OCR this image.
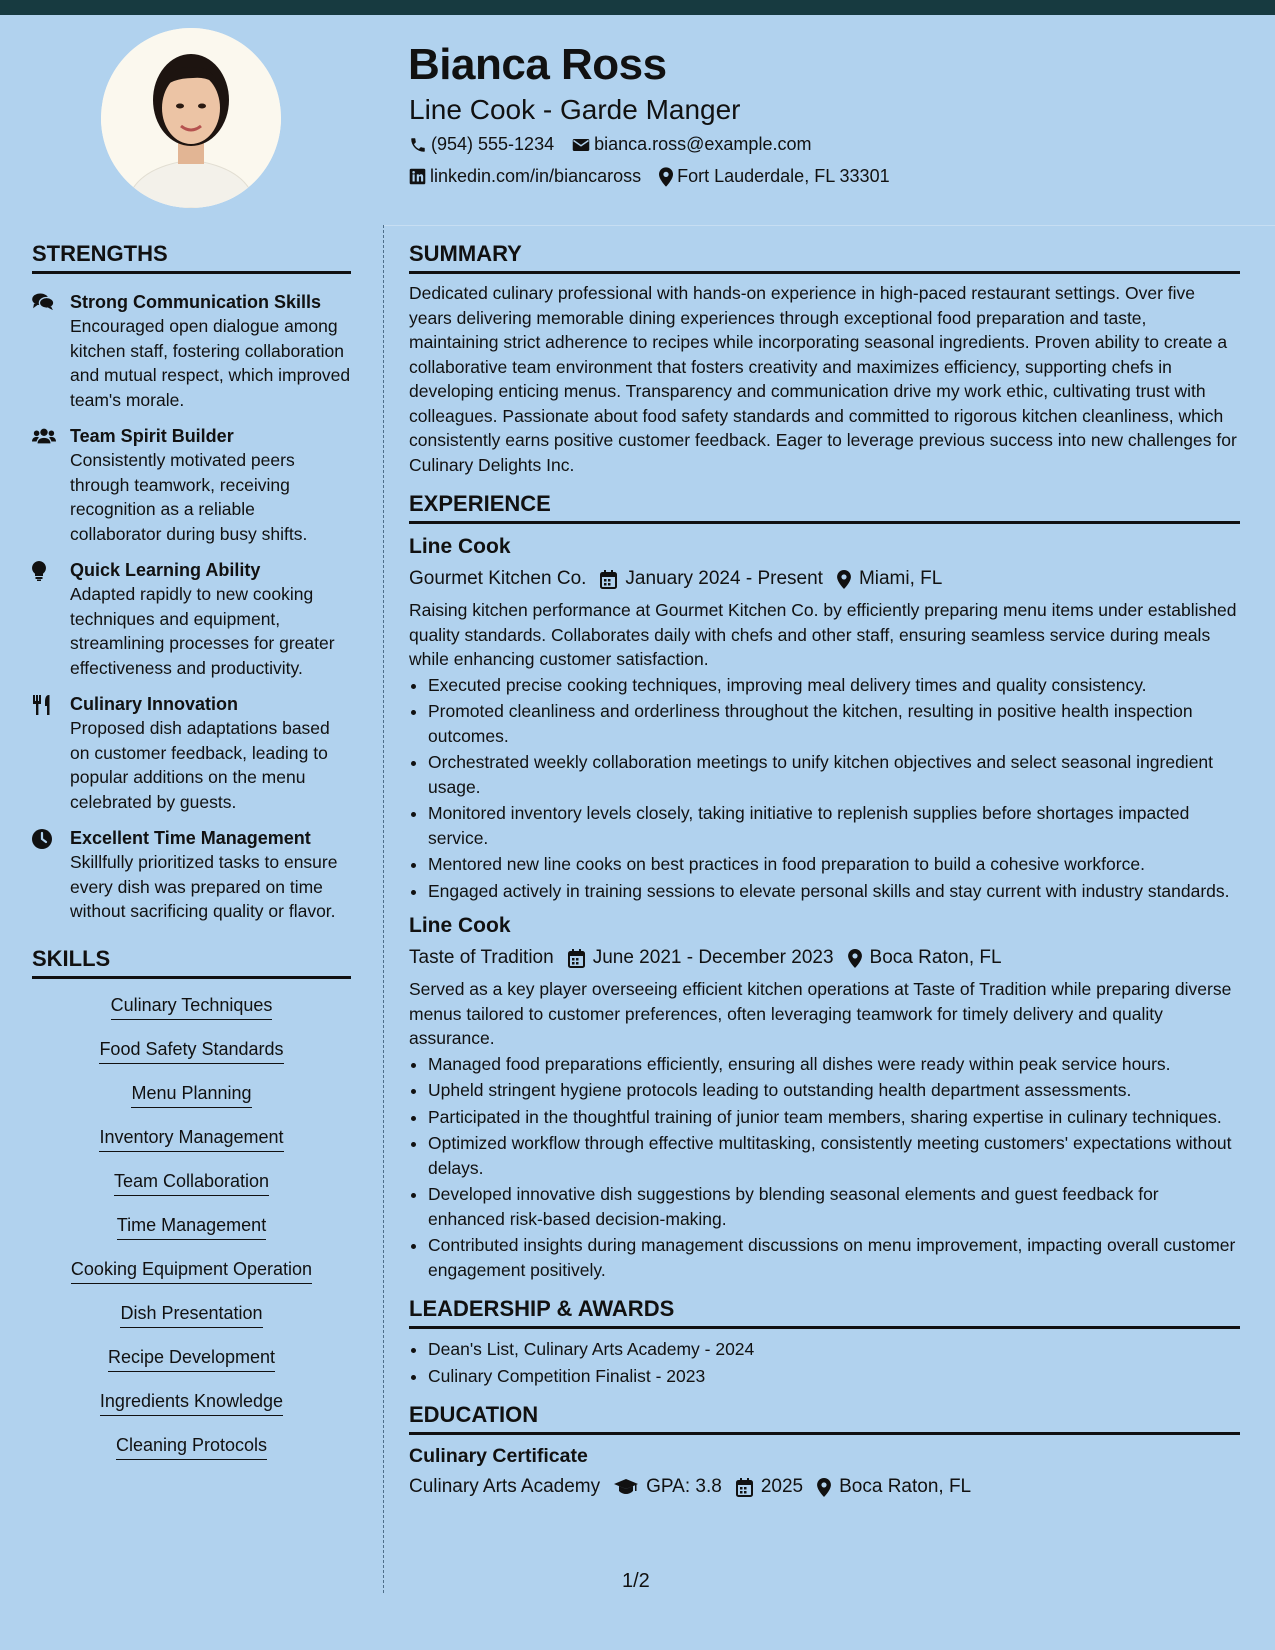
Bianca Ross
Line Cook - Garde Manger
(954) 555-1234 bianca.ross@example.com
linkedin.com/in/biancaross Fort Lauderdale, FL 33301
STRENGTHS
Strong Communication Skills
Encouraged open dialogue among kitchen staff, fostering collaboration and mutual respect, which improved team's morale.
Team Spirit Builder
Consistently motivated peers through teamwork, receiving recognition as a reliable collaborator during busy shifts.
Quick Learning Ability
Adapted rapidly to new cooking techniques and equipment, streamlining processes for greater effectiveness and productivity.
Culinary Innovation
Proposed dish adaptations based on customer feedback, leading to popular additions on the menu celebrated by guests.
Excellent Time Management
Skillfully prioritized tasks to ensure every dish was prepared on time without sacrificing quality or flavor.
SKILLS
Culinary Techniques
Food Safety Standards
Menu Planning
Inventory Management
Team Collaboration
Time Management
Cooking Equipment Operation
Dish Presentation
Recipe Development
Ingredients Knowledge
Cleaning Protocols
SUMMARY
Dedicated culinary professional with hands-on experience in high-paced restaurant settings. Over five years delivering memorable dining experiences through exceptional food preparation and taste, maintaining strict adherence to recipes while incorporating seasonal ingredients. Proven ability to create a collaborative team environment that fosters creativity and maximizes efficiency, supporting chefs in developing enticing menus. Transparency and communication drive my work ethic, cultivating trust with colleagues. Passionate about food safety standards and committed to rigorous kitchen cleanliness, which consistently earns positive customer feedback. Eager to leverage previous success into new challenges for Culinary Delights Inc.
EXPERIENCE
Line Cook
Gourmet Kitchen Co. January 2024 - Present Miami, FL
Raising kitchen performance at Gourmet Kitchen Co. by efficiently preparing menu items under established quality standards. Collaborates daily with chefs and other staff, ensuring seamless service during meals while enhancing customer satisfaction.
• Executed precise cooking techniques, improving meal delivery times and quality consistency.
• Promoted cleanliness and orderliness throughout the kitchen, resulting in positive health inspection outcomes.
• Orchestrated weekly collaboration meetings to unify kitchen objectives and select seasonal ingredient usage.
• Monitored inventory levels closely, taking initiative to replenish supplies before shortages impacted service.
• Mentored new line cooks on best practices in food preparation to build a cohesive workforce.
• Engaged actively in training sessions to elevate personal skills and stay current with industry standards.
Line Cook
Taste of Tradition June 2021 - December 2023 Boca Raton, FL
Served as a key player overseeing efficient kitchen operations at Taste of Tradition while preparing diverse menus tailored to customer preferences, often leveraging teamwork for timely delivery and quality assurance.
• Managed food preparations efficiently, ensuring all dishes were ready within peak service hours.
• Upheld stringent hygiene protocols leading to outstanding health department assessments.
• Participated in the thoughtful training of junior team members, sharing expertise in culinary techniques.
• Optimized workflow through effective multitasking, consistently meeting customers' expectations without delays.
• Developed innovative dish suggestions by blending seasonal elements and guest feedback for enhanced risk-based decision-making.
• Contributed insights during management discussions on menu improvement, impacting overall customer engagement positively.
LEADERSHIP & AWARDS
• Dean's List, Culinary Arts Academy - 2024
• Culinary Competition Finalist - 2023
EDUCATION
Culinary Certificate
Culinary Arts Academy GPA: 3.8 2025 Boca Raton, FL
1/2
